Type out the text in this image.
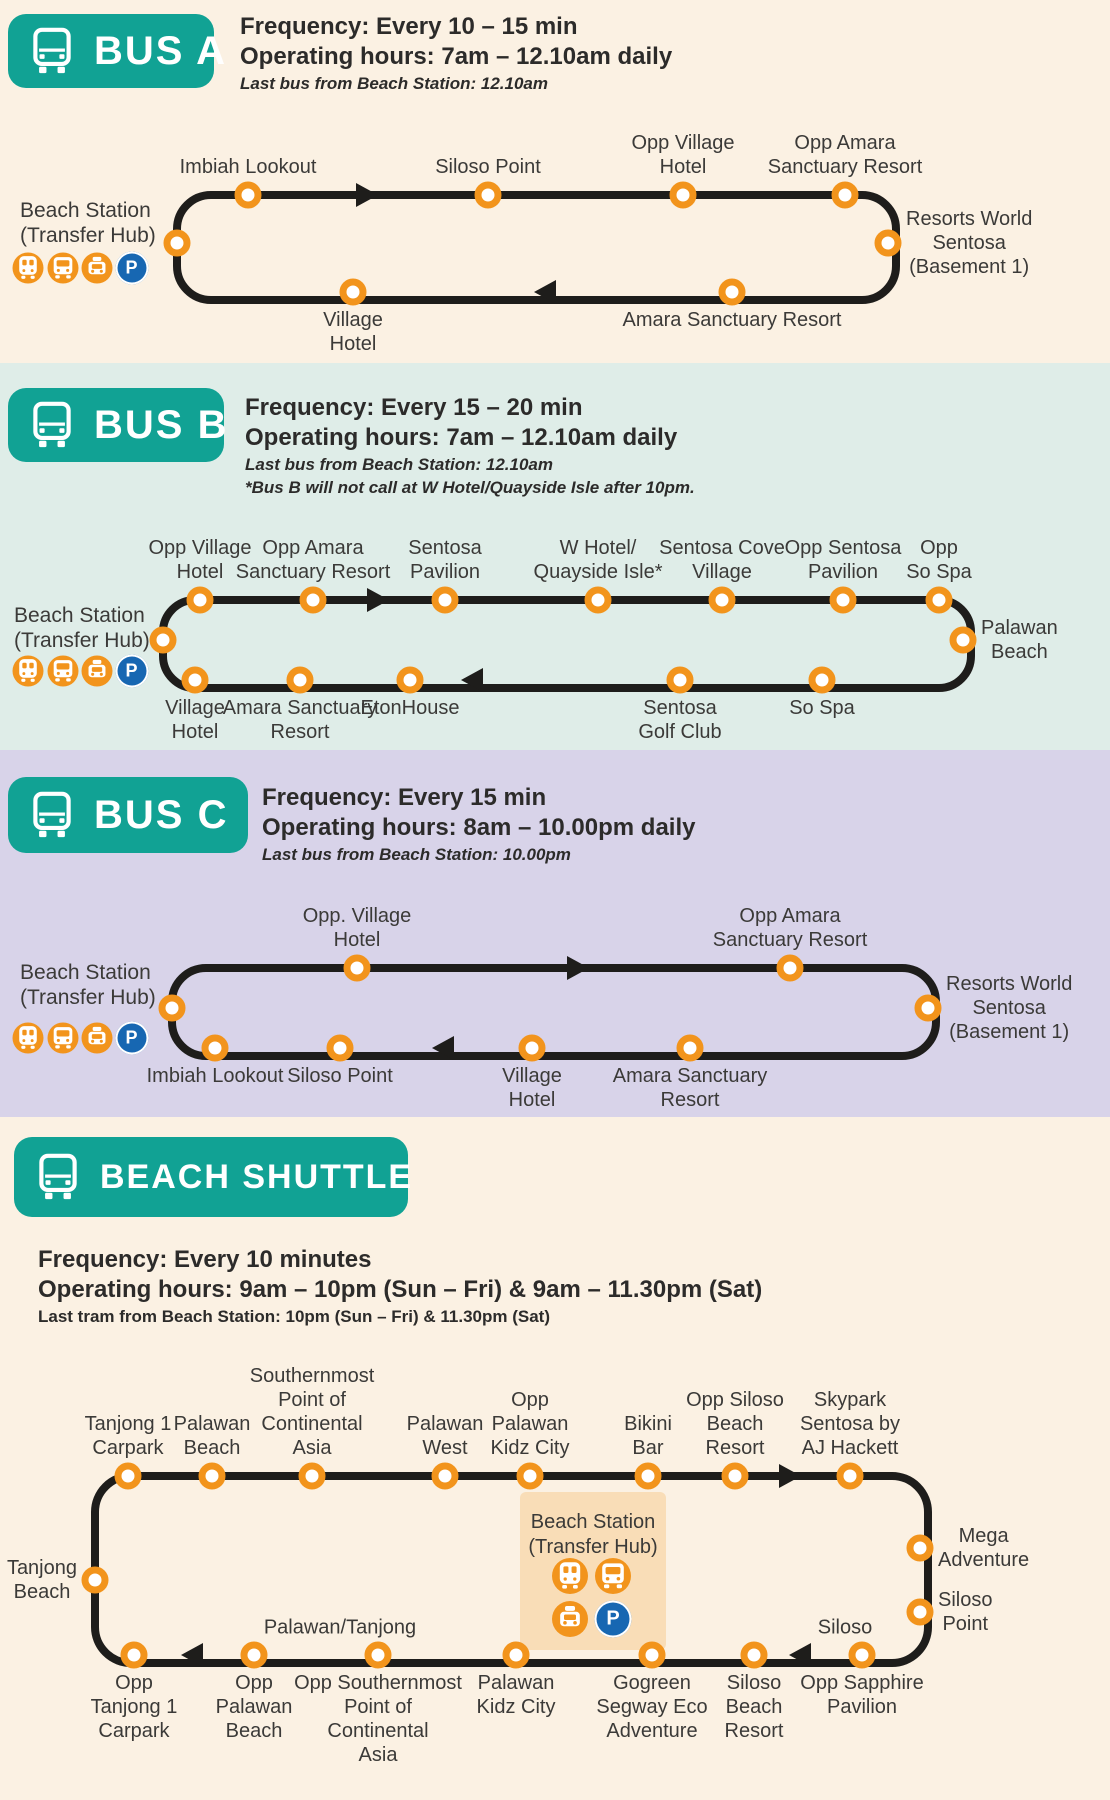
BUS A
Frequency: Every 10 – 15 min
Operating hours: 7am – 12.10am daily
Last bus from Beach Station: 12.10am
Imbiah Lookout	Siloso Point
Opp Village
Hotel
Opp Amara
Sanctuary Resort
Resorts World
Sentosa
(Basement 1)
Village
Hotel
Amara Sanctuary Resort
Beach Station
(Transfer Hub)
P
BUS B Frequency: Every 15 – 20 min
Operating hours: 7am – 12.10am daily
Last bus from Beach Station: 12.10am
*Bus B will not call at W Hotel/Quayside Isle after 10pm.
Opp Village
Hotel
Opp Amara
Sanctuary Resort
Sentosa
Pavilion
W Hotel/
Quayside Isle*
Sentosa Cove
Village
Opp Sentosa
Pavilion
Opp
So Spa
Palawan
Beach
Village
Hotel
Amara Sanctuary
Resort
EtonHouse	Sentosa
Golf Club
So Spa
Beach Station
(Transfer Hub)
P
BUS C Frequency: Every 15 min
Operating hours: 8am – 10.00pm daily
Last bus from Beach Station: 10.00pm
Opp. Village
Hotel
Opp Amara
Sanctuary Resort
Resorts World
Sentosa
(Basement 1)
Imbiah Lookout Siloso Point	Village
Hotel
Amara Sanctuary
Resort
Beach Station
(Transfer Hub)
P
BEACH SHUTTLE
Frequency: Every 10 minutes
Operating hours: 9am – 10pm (Sun – Fri) & 9am – 11.30pm (Sat)
Last tram from Beach Station: 10pm (Sun – Fri) & 11.30pm (Sat)
Beach Station
(Transfer Hub)
P
Tanjong 1
Carpark
Palawan
Beach
Southernmost
Point of
Continental
Asia
Palawan
West
Opp
Palawan
Kidz City
Bikini
Bar
Opp Siloso
Beach
Resort
Skypark
Sentosa by
AJ Hackett
Mega
Adventure
Siloso
Point
Tanjong
Beach
Opp
Tanjong 1
Carpark
Opp
Palawan
Beach
Opp Southernmost
Point of
Continental
Asia
Palawan
Kidz City
Gogreen
Segway Eco
Adventure
Siloso
Beach
Resort
Opp Sapphire
Pavilion
Palawan/Tanjong	Siloso
